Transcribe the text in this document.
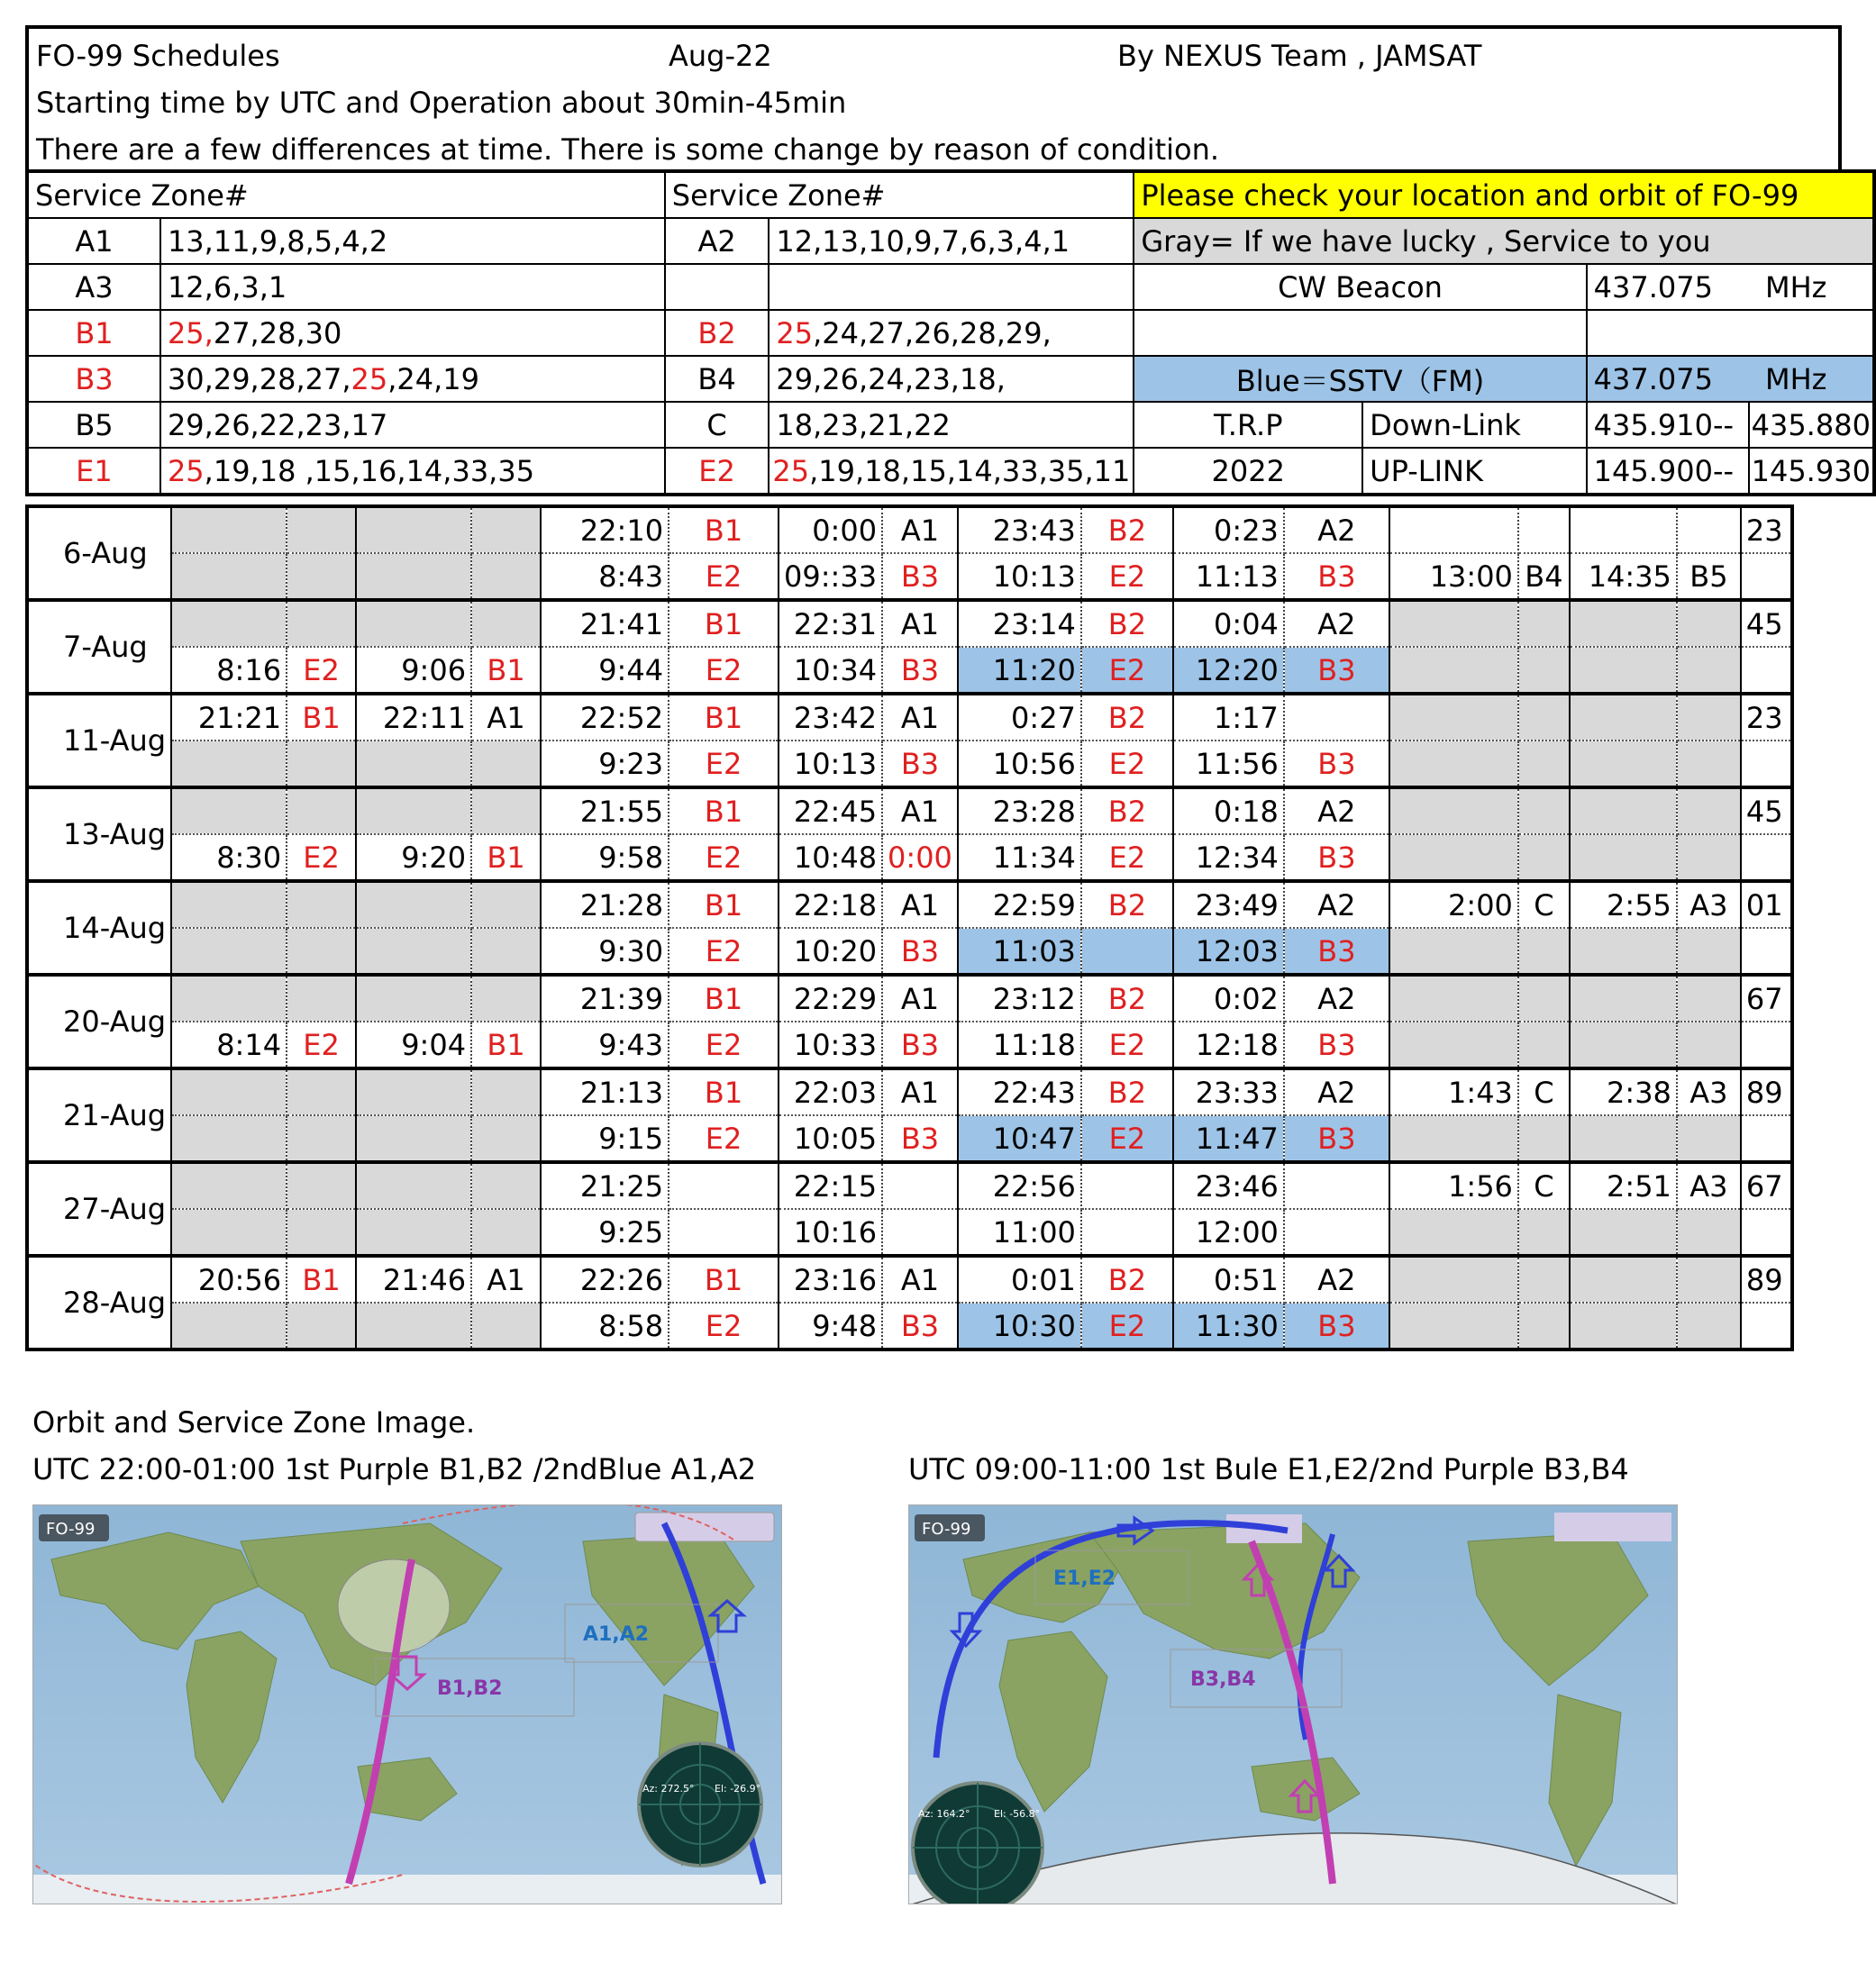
FO-99 Schedules	Aug-22	By NEXUS Team , JAMSAT
Starting time by UTC and Operation about 30min-45min
There are a few differences at time. There is some change by reason of condition.
Service Zone#		Service Zone#		Please check your location and orbit of FO-99			
A1	13,11,9,8,5,4,2	A2	12,13,10,9,7,6,3,4,1	Gray= If we have lucky , Service to you			
A3	12,6,3,1			CW Beacon		437.075 MHz	
B1	25,27,28,30	B2	25,24,27,26,28,29,				
B3	30,29,28,27,25,24,19	B4	29,26,24,23,18,	Blue＝SSTV（FM)		437.075 MHz	
B5	29,26,22,23,17	C	18,23,21,22	T.R.P	Down-Link	435.910--	435.880
E1	25,19,18 ,15,16,14,33,35	E2	25,19,18,15,14,33,35,11	2022	UP-LINK	145.900--	145.930
6-Aug					22:10	B1	0:00	A1	23:43	B2	0:23	A2					23
					8:43	E2	09::33	B3	10:13	E2	11:13	B3	13:00	B4	14:35	B5	
7-Aug					21:41	B1	22:31	A1	23:14	B2	0:04	A2					45
	8:16	E2	9:06	B1	9:44	E2	10:34	B3	11:20	E2	12:20	B3					
11-Aug	21:21	B1	22:11	A1	22:52	B1	23:42	A1	0:27	B2	1:17						23
					9:23	E2	10:13	B3	10:56	E2	11:56	B3					
13-Aug					21:55	B1	22:45	A1	23:28	B2	0:18	A2					45
	8:30	E2	9:20	B1	9:58	E2	10:48	0:00	11:34	E2	12:34	B3					
14-Aug					21:28	B1	22:18	A1	22:59	B2	23:49	A2	2:00	C	2:55	A3	01
					9:30	E2	10:20	B3	11:03		12:03	B3					
20-Aug					21:39	B1	22:29	A1	23:12	B2	0:02	A2					67
	8:14	E2	9:04	B1	9:43	E2	10:33	B3	11:18	E2	12:18	B3					
21-Aug					21:13	B1	22:03	A1	22:43	B2	23:33	A2	1:43	C	2:38	A3	89
					9:15	E2	10:05	B3	10:47	E2	11:47	B3					
27-Aug					21:25		22:15		22:56		23:46		1:56	C	2:51	A3	67
					9:25		10:16		11:00		12:00						
28-Aug	20:56	B1	21:46	A1	22:26	B1	23:16	A1	0:01	B2	0:51	A2					89
					8:58	E2	9:48	B3	10:30	E2	11:30	B3					
Orbit and Service Zone Image.
UTC 22:00-01:00 1st Purple B1,B2 /2ndBlue A1,A2	UTC 09:00-11:00 1st Bule E1,E2/2nd Purple B3,B4
FO-99
B1,B2
A1,A2
Az: 272.5° El: -26.9°
FO-99
E1,E2
B3,B4
Az: 164.2° El: -56.8°
